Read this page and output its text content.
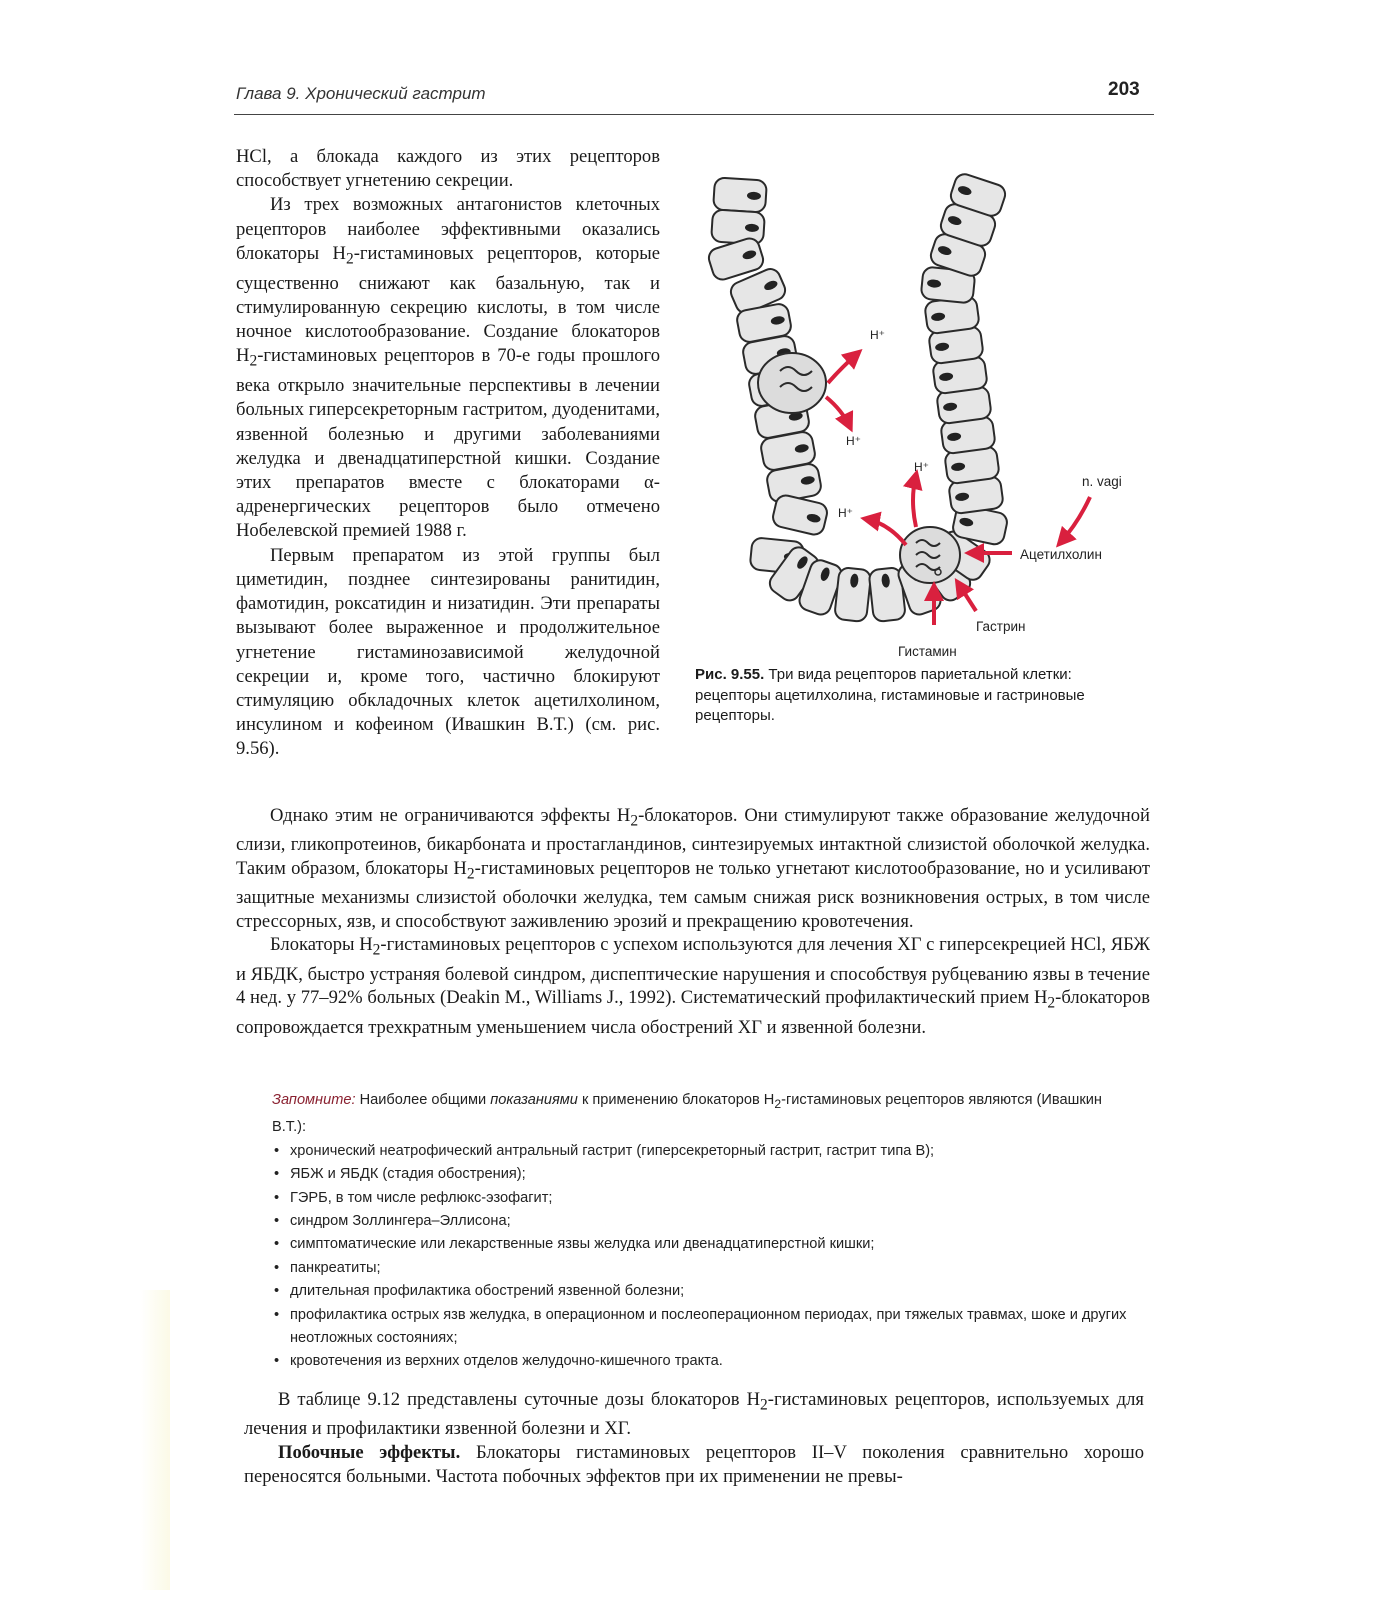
Глава 9. Хронический гастрит	203

HCl, а блокада каждого из этих рецепторов способствует угнетению секреции.

Из трех возможных антагонистов клеточных рецепторов наиболее эффективными оказались блокаторы $H_2$-гистаминовых рецепторов, которые существенно снижают как базальную, так и стимулированную секрецию кислоты, в том числе ночное кислотообразование. Создание блокаторов $H_2$-гистаминовых рецепторов в 70-е годы прошлого века открыло значительные перспективы в лечении больных гиперсекреторным гастритом, дуоденитами, язвенной болезнью и другими заболеваниями желудка и двенадцатиперстной кишки. Создание этих препаратов вместе с блокаторами α-адренергических рецепторов было отмечено Нобелевской премией 1988 г.

Первым препаратом из этой группы был циметидин, позднее синтезированы ранитидин, фамотидин, роксатидин и низатидин. Эти препараты вызывают более выраженное и продолжительное угнетение гистаминозависимой желудочной секреции и, кроме того, частично блокируют стимуляцию обкладочных клеток ацетилхолином, инсулином и кофеином (Ивашкин В.Т.) (см. рис. 9.56).

H⁺
H⁺
H⁺
H⁺
n. vagi
Ацетилхолин
Гастрин
Гистамин
Рис. 9.55. Три вида рецепторов париетальной клетки: рецепторы ацетилхолина, гистаминовые и гастриновые рецепторы.

Однако этим не ограничиваются эффекты $H_2$-блокаторов. Они стимулируют также образование желудочной слизи, гликопротеинов, бикарбоната и простагландинов, синтезируемых интактной слизистой оболочкой желудка. Таким образом, блокаторы $H_2$-гистаминовых рецепторов не только угнетают кислотообразование, но и усиливают защитные механизмы слизистой оболочки желудка, тем самым снижая риск возникновения острых, в том числе стрессорных, язв, и способствуют заживлению эрозий и прекращению кровотечения.

Блокаторы $H_2$-гистаминовых рецепторов с успехом используются для лечения ХГ с гиперсекрецией HCl, ЯБЖ и ЯБДК, быстро устраняя болевой синдром, диспептические нарушения и способствуя рубцеванию язвы в течение 4 нед. у 77–92% больных (Deakin M., Williams J., 1992). Систематический профилактический прием $H_2$-блокаторов сопровождается трехкратным уменьшением числа обострений ХГ и язвенной болезни.

Запомните: Наиболее общими показаниями к применению блокаторов $H_2$-гистаминовых рецепторов являются (Ивашкин В.Т.):
• хронический неатрофический антральный гастрит (гиперсекреторный гастрит, гастрит типа В);
• ЯБЖ и ЯБДК (стадия обострения);
• ГЭРБ, в том числе рефлюкс-эзофагит;
• синдром Золлингера–Эллисона;
• симптоматические или лекарственные язвы желудка или двенадцатиперстной кишки;
• панкреатиты;
• длительная профилактика обострений язвенной болезни;
• профилактика острых язв желудка, в операционном и послеоперационном периодах, при тяжелых травмах, шоке и других неотложных состояниях;
• кровотечения из верхних отделов желудочно-кишечного тракта.

В таблице 9.12 представлены суточные дозы блокаторов $H_2$-гистаминовых рецепторов, используемых для лечения и профилактики язвенной болезни и ХГ.

Побочные эффекты. Блокаторы гистаминовых рецепторов II–V поколения сравнительно хорошо переносятся больными. Частота побочных эффектов при их применении не превы-
